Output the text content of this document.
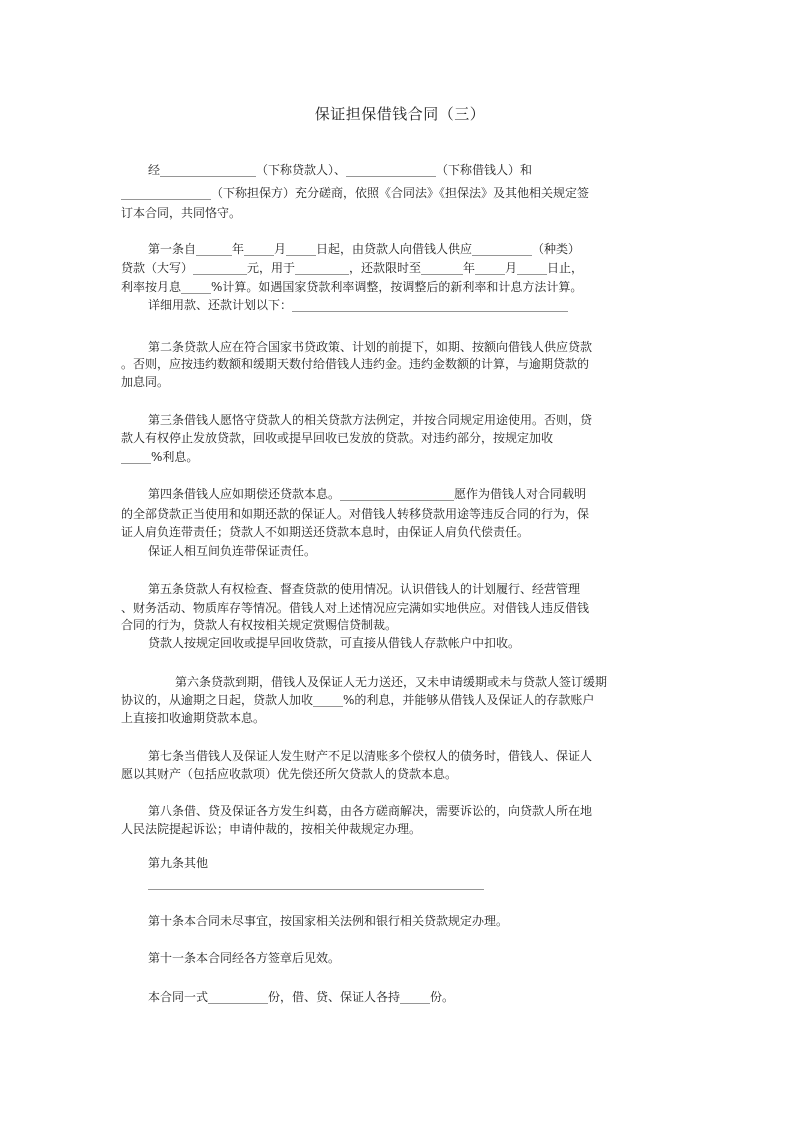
保证担保借钱合同（三）
经________________（下称贷款人）、_______________（下称借钱人）和
_______________（下称担保方）充分磋商，依照《合同法》《担保法》及其他相关规定签
订本合同，共同恪守。
第一条自______年_____月_____日起，由贷款人向借钱人供应__________（种类）
贷款（大写）_________元，用于_________，还款限时至_______年_____月_____日止，
利率按月息_____%计算。如遇国家贷款利率调整，按调整后的新利率和计息方法计算。
详细用款、还款计划以下：______________________________________________
第二条贷款人应在符合国家书贷政策、计划的前提下，如期、按额向借钱人供应贷款
。否则，应按违约数额和缓期天数付给借钱人违约金。违约金数额的计算，与逾期贷款的
加息同。
第三条借钱人愿恪守贷款人的相关贷款方法例定，并按合同规定用途使用。否则，贷
款人有权停止发放贷款，回收或提早回收已发放的贷款。对违约部分，按规定加收
_____%利息。
第四条借钱人应如期偿还贷款本息。___________________愿作为借钱人对合同载明
的全部贷款正当使用和如期还款的保证人。对借钱人转移贷款用途等违反合同的行为，保
证人肩负连带责任；贷款人不如期送还贷款本息时，由保证人肩负代偿责任。
保证人相互间负连带保证责任。
第五条贷款人有权检查、督查贷款的使用情况。认识借钱人的计划履行、经营管理
、财务活动、物质库存等情况。借钱人对上述情况应完满如实地供应。对借钱人违反借钱
合同的行为，贷款人有权按相关规定赏赐信贷制裁。
贷款人按规定回收或提早回收贷款，可直接从借钱人存款帐户中扣收。
第六条贷款到期，借钱人及保证人无力送还，又未申请缓期或未与贷款人签订缓期
协议的，从逾期之日起，贷款人加收_____%的利息，并能够从借钱人及保证人的存款账户
上直接扣收逾期贷款本息。
第七条当借钱人及保证人发生财产不足以清账多个偿权人的债务时，借钱人、保证人
愿以其财产（包括应收款项）优先偿还所欠贷款人的贷款本息。
第八条借、贷及保证各方发生纠葛，由各方磋商解决，需要诉讼的，向贷款人所在地
人民法院提起诉讼；申请仲裁的，按相关仲裁规定办理。
第九条其他
________________________________________________________
第十条本合同未尽事宜，按国家相关法例和银行相关贷款规定办理。
第十一条本合同经各方签章后见效。
本合同一式__________份，借、贷、保证人各持_____份。
